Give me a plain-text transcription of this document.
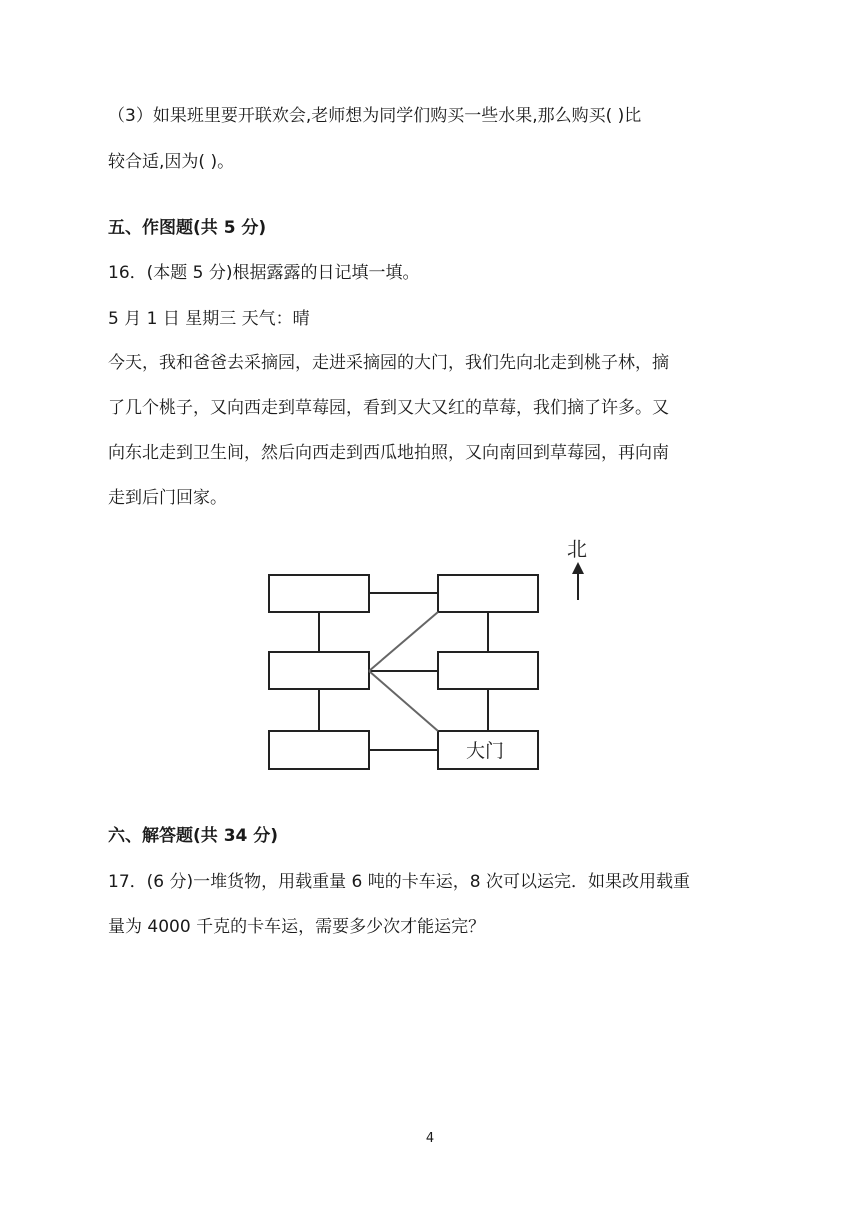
（3）如果班里要开联欢会,老师想为同学们购买一些水果,那么购买( )比
较合适,因为( )。
五、作图题(共 5 分)
16．(本题 5 分)根据露露的日记填一填。
5 月 1 日 星期三 天气：晴
今天，我和爸爸去采摘园，走进采摘园的大门，我们先向北走到桃子林，摘
了几个桃子，又向西走到草莓园，看到又大又红的草莓，我们摘了许多。又
向东北走到卫生间，然后向西走到西瓜地拍照，又向南回到草莓园，再向南
走到后门回家。
北
大门
六、解答题(共 34 分)
17．(6 分)一堆货物，用载重量 6 吨的卡车运，8 次可以运完．如果改用载重
量为 4000 千克的卡车运，需要多少次才能运完？
4
